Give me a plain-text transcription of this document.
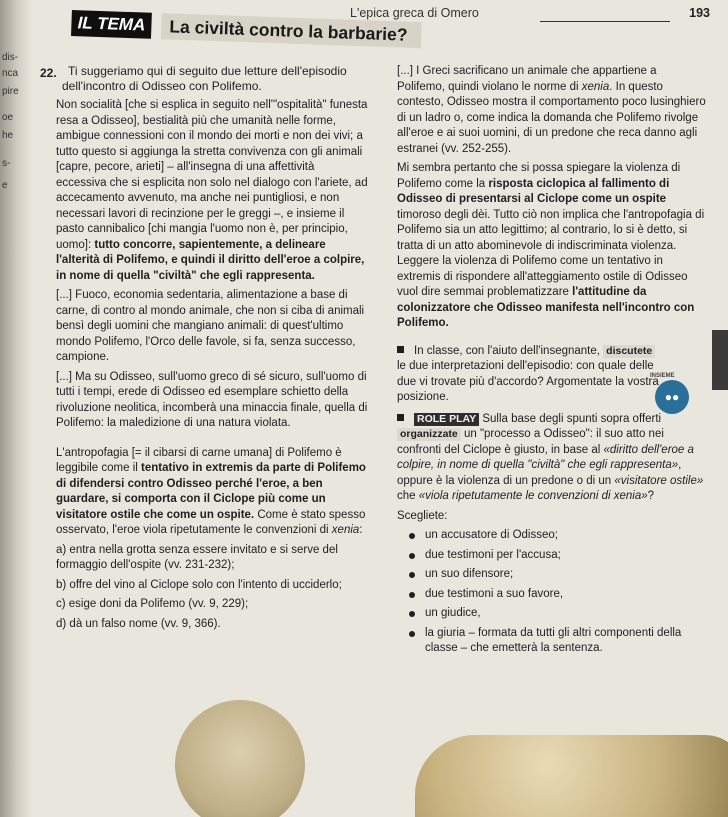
dis-
nca
pire
oe
he
s-
e
L'epica greca di Omero	193
IL TEMA	La civiltà contro la barbarie?
22. Ti suggeriamo qui di seguito due letture dell'episodio dell'incontro di Odisseo con Polifemo.

Non socialità [che si esplica in seguito nell'"ospitalità" funesta resa a Odisseo], bestialità più che umanità nelle forme, ambigue connessioni con il mondo dei morti e non dei vivi; a tutto questo si aggiunga la stretta convivenza con gli animali [capre, pecore, arieti] – all'insegna di una affettività eccessiva che si esplicita non solo nel dialogo con l'ariete, ad accecamento avvenuto, ma anche nei puntigliosi, e non necessari lavori di recinzione per le greggi –, e insieme il pasto cannibalico [chi mangia l'uomo non è, per principio, uomo]: tutto concorre, sapientemente, a delineare l'alterità di Polifemo, e quindi il diritto dell'eroe a colpire, in nome di quella "civiltà" che egli rappresenta.

[...] Fuoco, economia sedentaria, alimentazione a base di carne, di contro al mondo animale, che non si ciba di animali bensì degli uomini che mangiano animali: di quest'ultimo mondo Polifemo, l'Orco delle favole, si fa, senza successo, campione.

[...] Ma su Odisseo, sull'uomo greco di sé sicuro, sull'uomo di tutti i tempi, erede di Odisseo ed esemplare schietto della rivoluzione neolitica, incomberà una minaccia finale, quella di Polifemo: la maledizione di una natura violata.

L'antropofagia [= il cibarsi di carne umana] di Polifemo è leggibile come il tentativo in extremis da parte di Polifemo di difendersi contro Odisseo perché l'eroe, a ben guardare, si comporta con il Ciclope più come un visitatore ostile che come un ospite. Come è stato spesso osservato, l'eroe viola ripetutamente le convenzioni di xenia:

a) entra nella grotta senza essere invitato e si serve del formaggio dell'ospite (vv. 231-232);
b) offre del vino al Ciclope solo con l'intento di ucciderlo;
c) esige doni da Polifemo (vv. 9, 229);
d) dà un falso nome (vv. 9, 366).

[...] I Greci sacrificano un animale che appartiene a Polifemo, quindi violano le norme di xenia. In questo contesto, Odisseo mostra il comportamento poco lusinghiero di un ladro o, come indica la domanda che Polifemo rivolge all'eroe e ai suoi uomini, di un predone che reca danno agli estranei (vv. 252-255).

Mi sembra pertanto che si possa spiegare la violenza di Polifemo come la risposta ciclopica al fallimento di Odisseo di presentarsi al Ciclope come un ospite timoroso degli dèi. Tutto ciò non implica che l'antropofagia di Polifemo sia un atto legittimo; al contrario, lo si è detto, si tratta di un atto abominevole di indiscriminata violenza. Leggere la violenza di Polifemo come un tentativo in extremis di rispondere all'atteggiamento ostile di Odisseo vuol dire semmai problematizzare l'attitudine da colonizzatore che Odisseo manifesta nell'incontro con Polifemo.

In classe, con l'aiuto dell'insegnante, discutete le due interpretazioni dell'episodio: con quale delle due vi trovate più d'accordo? Argomentate la vostra posizione.

ROLE PLAY Sulla base degli spunti sopra offerti organizzate un "processo a Odisseo": il suo atto nei confronti del Ciclope è giusto, in base al «diritto dell'eroe a colpire, in nome di quella "civiltà" che egli rappresenta», oppure è la violenza di un predone o di un «visitatore ostile» che «viola ripetutamente le convenzioni di xenia»?

Scegliete:
un accusatore di Odisseo;
due testimoni per l'accusa;
un suo difensore;
due testimoni a suo favore,
un giudice,
la giuria – formata da tutti gli altri componenti della classe – che emetterà la sentenza.
●●
INSIEME
